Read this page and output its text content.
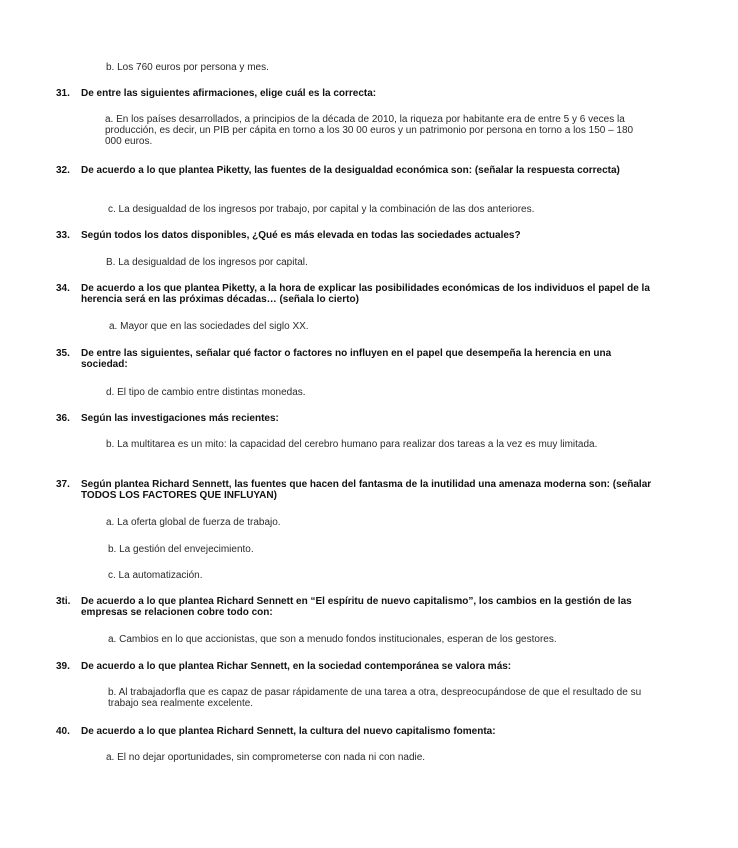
b. Los 760 euros por persona y mes.
31.	De entre las siguientes afirmaciones, elige cuál es la correcta:
a. En los países desarrollados, a principios de la década de 2010, la riqueza por habitante era de entre 5 y 6 veces la producción, es decir, un PIB per cápita en torno a los 30 00 euros y un patrimonio por persona en torno a los 150 – 180 000 euros.
32.	De acuerdo a lo que plantea Piketty, las fuentes de la desigualdad económica son: (señalar la respuesta correcta)
c. La desigualdad de los ingresos por trabajo, por capital y la combinación de las dos anteriores.
33.	Según todos los datos disponibles, ¿Qué es más elevada en todas las sociedades actuales?
B. La desigualdad de los ingresos por capital.
34.	De acuerdo a los que plantea Piketty, a la hora de explicar las posibilidades económicas de los individuos el papel de la herencia será en las próximas décadas… (señala lo cierto)
a. Mayor que en las sociedades del siglo XX.
35.	De entre las siguientes, señalar qué factor o factores no influyen en el papel que desempeña la herencia en una sociedad:
d. El tipo de cambio entre distintas monedas.
36.	Según las investigaciones más recientes:
b. La multitarea es un mito: la capacidad del cerebro humano para realizar dos tareas a la vez es muy limitada.
37.	Según plantea Richard Sennett, las fuentes que hacen del fantasma de la inutilidad una amenaza moderna son: (señalar TODOS LOS FACTORES QUE INFLUYAN)
a. La oferta global de fuerza de trabajo.
b. La gestión del envejecimiento.
c. La automatización.
3ti.	De acuerdo a lo que plantea Richard Sennett en “El espíritu de nuevo capitalismo”, los cambios en la gestión de las empresas se relacionen cobre todo con:
a. Cambios en lo que accionistas, que son a menudo fondos institucionales, esperan de los gestores.
39.	De acuerdo a lo que plantea Richar Sennett, en la sociedad contemporánea se valora más:
b. Al trabajadorfla que es capaz de pasar rápidamente de una tarea a otra, despreocupándose de que el resultado de su trabajo sea realmente excelente.
40.	De acuerdo a lo que plantea Richard Sennett, la cultura del nuevo capitalismo fomenta:
a. El no dejar oportunidades, sin comprometerse con nada ni con nadie.
